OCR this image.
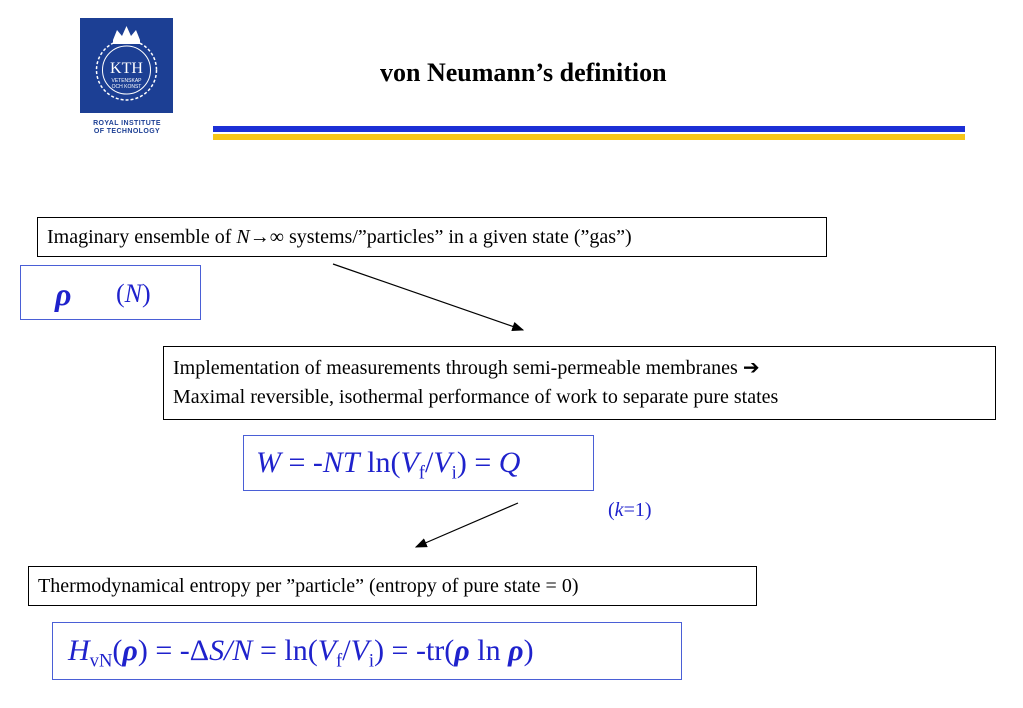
KTH
VETENSKAP
OCH KONST
ROYAL INSTITUTE
OF TECHNOLOGY
von Neumann’s definition
Imaginary ensemble of N→∞ systems/”particles” in a given state (”gas”)
ρ (N)
Implementation of measurements through semi-permeable membranes ➔
Maximal reversible, isothermal performance of work to separate pure states
W = -NT $\ln(V_f/V_i) = Q$
(k=1)
Thermodynamical entropy per ”particle” (entropy of pure state = 0)
$H_{vN}(\rho) = -\Delta S/N = \ln(V_f/V_i) = -tr(\rho$ ln ρ)
